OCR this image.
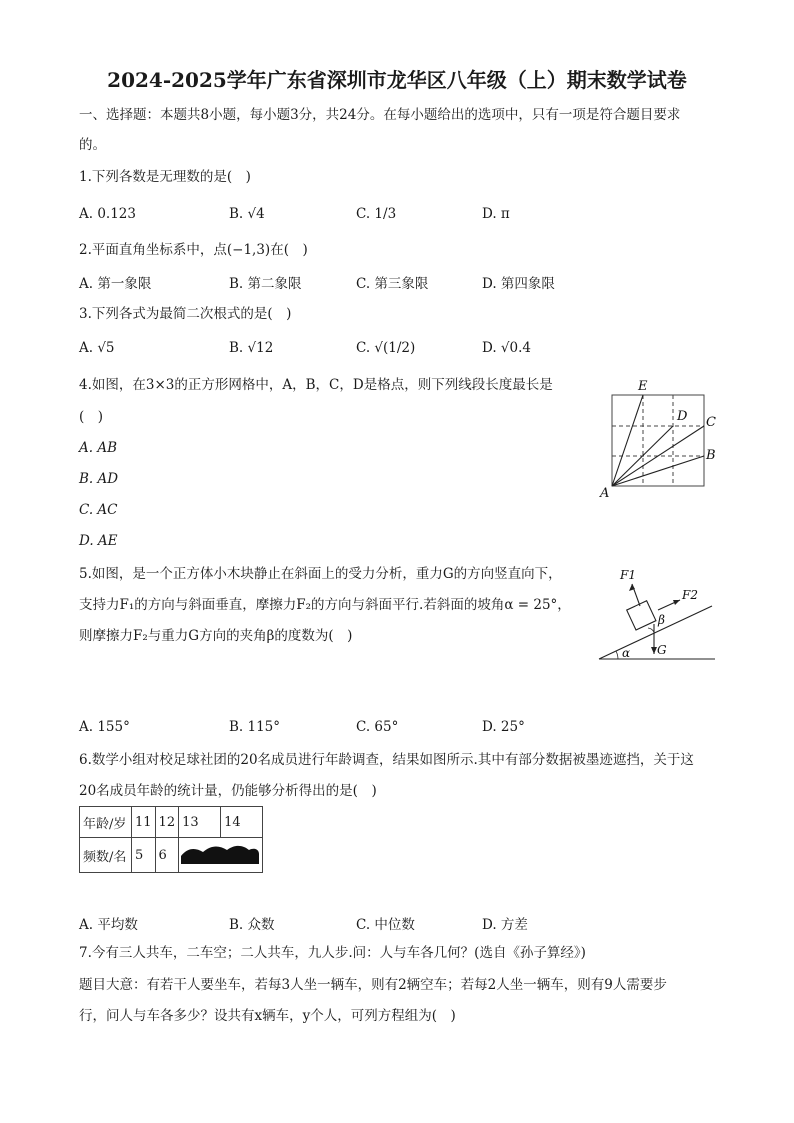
2024-2025学年广东省深圳市龙华区八年级（上）期末数学试卷
一、选择题：本题共8小题，每小题3分，共24分。在每小题给出的选项中，只有一项是符合题目要求
的。
1.下列各数是无理数的是(　)
A. 0.123	B. √4	C. 1/3	D. π
2.平面直角坐标系中，点(−1,3)在(　)
A. 第一象限	B. 第二象限	C. 第三象限	D. 第四象限
3.下列各式为最简二次根式的是(　)
A. √5	B. √12	C. √(1/2)	D. √0.4
4.如图，在3×3的正方形网格中，A，B，C，D是格点，则下列线段长度最长是
(　)
A. AB
B. AD
C. AC
D. AE
E
D C
B
A
5.如图，是一个正方体小木块静止在斜面上的受力分析，重力G的方向竖直向下，
支持力F₁的方向与斜面垂直，摩擦力F₂的方向与斜面平行.若斜面的坡角α = 25°，
则摩擦力F₂与重力G方向的夹角β的度数为(　)
F1
F2
β
α G
A. 155°	B. 115°	C. 65°	D. 25°
6.数学小组对校足球社团的20名成员进行年龄调查，结果如图所示.其中有部分数据被墨迹遮挡，关于这
20名成员年龄的统计量，仍能够分析得出的是(　)
年龄/岁	11	12	13	14
频数/名	5	6	
A. 平均数	B. 众数	C. 中位数	D. 方差
7.今有三人共车，二车空；二人共车，九人步.问：人与车各几何？(选自《孙子算经》)
题目大意：有若干人要坐车，若每3人坐一辆车，则有2辆空车；若每2人坐一辆车，则有9人需要步
行，问人与车各多少？设共有x辆车，y个人，可列方程组为(　)
